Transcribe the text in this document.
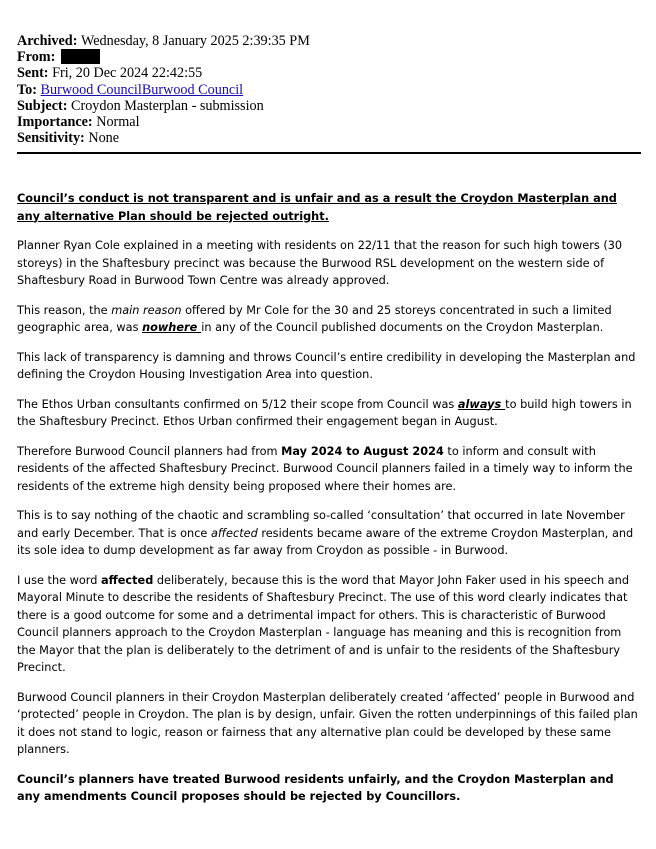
Archived: Wednesday, 8 January 2025 2:39:35 PM
From:
Sent: Fri, 20 Dec 2024 22:42:55
To: Burwood CouncilBurwood Council
Subject: Croydon Masterplan - submission
Importance: Normal
Sensitivity: None

Council’s conduct is not transparent and is unfair and as a result the Croydon Masterplan and any alternative Plan should be rejected outright.

Planner Ryan Cole explained in a meeting with residents on 22/11 that the reason for such high towers (30 storeys) in the Shaftesbury precinct was because the Burwood RSL development on the western side of Shaftesbury Road in Burwood Town Centre was already approved.

This reason, the main reason offered by Mr Cole for the 30 and 25 storeys concentrated in such a limited geographic area, was nowhere in any of the Council published documents on the Croydon Masterplan.

This lack of transparency is damning and throws Council’s entire credibility in developing the Masterplan and defining the Croydon Housing Investigation Area into question.

The Ethos Urban consultants confirmed on 5/12 their scope from Council was always to build high towers in the Shaftesbury Precinct. Ethos Urban confirmed their engagement began in August.

Therefore Burwood Council planners had from May 2024 to August 2024 to inform and consult with residents of the affected Shaftesbury Precinct. Burwood Council planners failed in a timely way to inform the residents of the extreme high density being proposed where their homes are.

This is to say nothing of the chaotic and scrambling so-called ‘consultation’ that occurred in late November and early December. That is once affected residents became aware of the extreme Croydon Masterplan, and its sole idea to dump development as far away from Croydon as possible - in Burwood.

I use the word affected deliberately, because this is the word that Mayor John Faker used in his speech and Mayoral Minute to describe the residents of Shaftesbury Precinct. The use of this word clearly indicates that there is a good outcome for some and a detrimental impact for others. This is characteristic of Burwood Council planners approach to the Croydon Masterplan - language has meaning and this is recognition from the Mayor that the plan is deliberately to the detriment of and is unfair to the residents of the Shaftesbury Precinct.

Burwood Council planners in their Croydon Masterplan deliberately created ‘affected’ people in Burwood and ‘protected’ people in Croydon. The plan is by design, unfair. Given the rotten underpinnings of this failed plan it does not stand to logic, reason or fairness that any alternative plan could be developed by these same planners.

Council’s planners have treated Burwood residents unfairly, and the Croydon Masterplan and any amendments Council proposes should be rejected by Councillors.
